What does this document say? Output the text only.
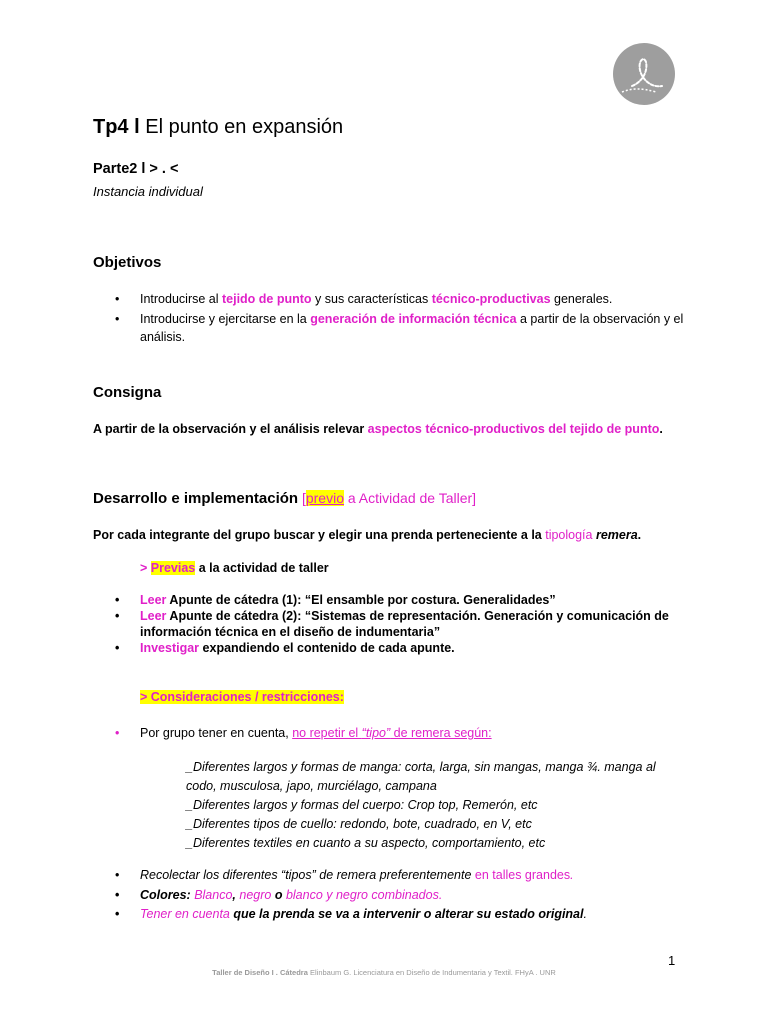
Tp4 l El punto en expansión
Parte2 l > . <
Instancia individual
Objetivos
• Introducirse al tejido de punto y sus características técnico-productivas generales.
• Introducirse y ejercitarse en la generación de información técnica a partir de la observación y el análisis.
Consigna
A partir de la observación y el análisis relevar aspectos técnico-productivos del tejido de punto.
Desarrollo e implementación [previo a Actividad de Taller]
Por cada integrante del grupo buscar y elegir una prenda perteneciente a la tipología remera.
> Previas a la actividad de taller
• Leer Apunte de cátedra (1): “El ensamble por costura. Generalidades”
• Leer Apunte de cátedra (2): “Sistemas de representación. Generación y comunicación de información técnica en el diseño de indumentaria”
• Investigar expandiendo el contenido de cada apunte.
> Consideraciones / restricciones:
• Por grupo tener en cuenta, no repetir el “tipo” de remera según:
_Diferentes largos y formas de manga: corta, larga, sin mangas, manga ¾. manga al codo, musculosa, japo, murciélago, campana
_Diferentes largos y formas del cuerpo: Crop top, Remerón, etc
_Diferentes tipos de cuello: redondo, bote, cuadrado, en V, etc
_Diferentes textiles en cuanto a su aspecto, comportamiento, etc
• Recolectar los diferentes “tipos” de remera preferentemente en talles grandes.
• Colores: Blanco, negro o blanco y negro combinados.
• Tener en cuenta que la prenda se va a intervenir o alterar su estado original.
1
Taller de Diseño I . Cátedra Elinbaum G. Licenciatura en Diseño de Indumentaria y Textil. FHyA . UNR
